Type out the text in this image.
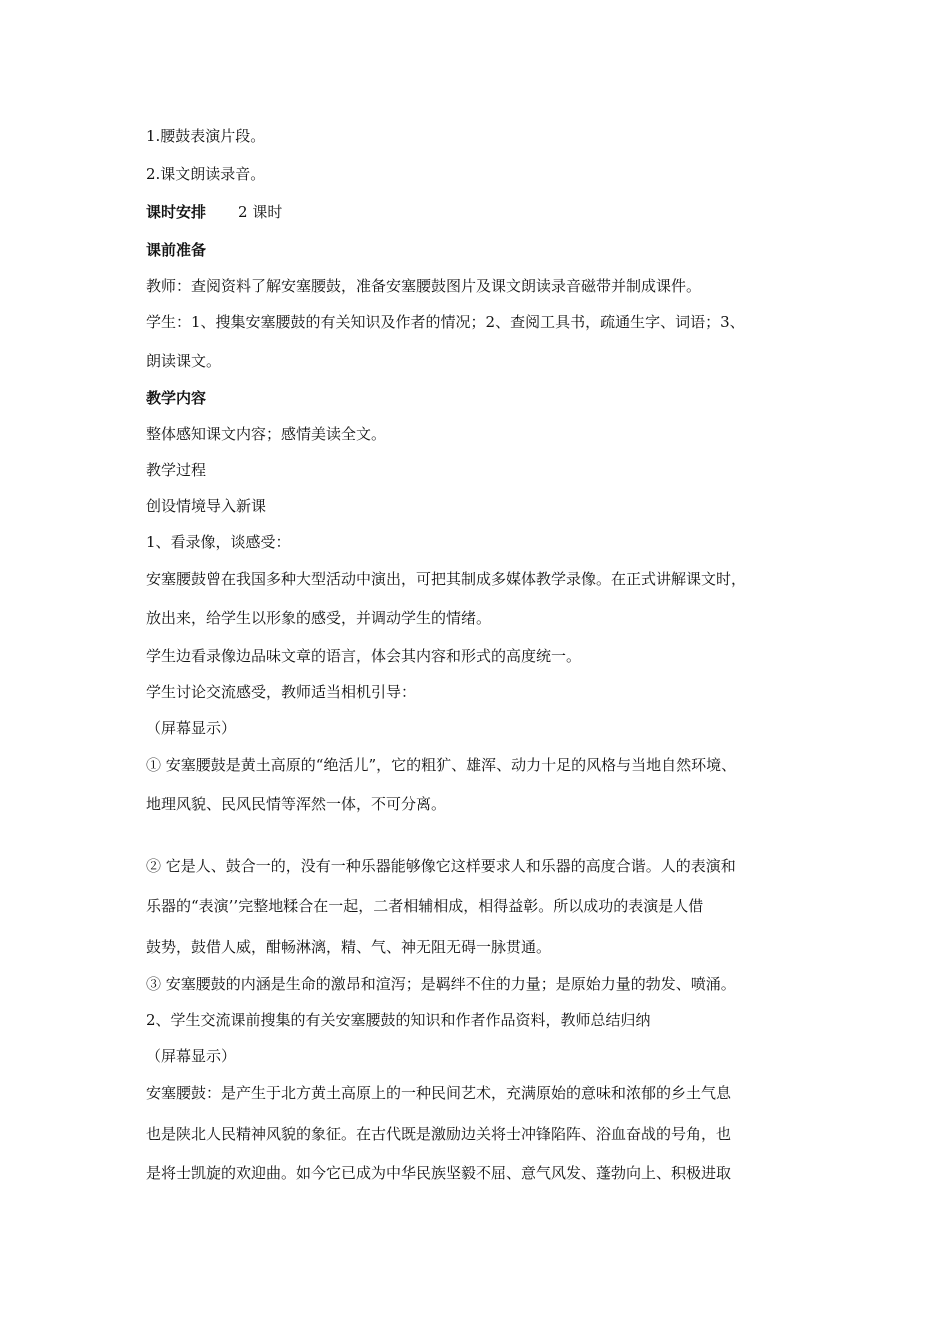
1.腰鼓表演片段。
2.课文朗读录音。
课时安排 2 课时
课前准备
教师：查阅资料了解安塞腰鼓，准备安塞腰鼓图片及课文朗读录音磁带并制成课件。
学生：1、搜集安塞腰鼓的有关知识及作者的情况；2、查阅工具书，疏通生字、词语；3、
朗读课文。
教学内容
整体感知课文内容；感情美读全文。
教学过程
创设情境导入新课
1、看录像，谈感受：
安塞腰鼓曾在我国多种大型活动中演出，可把其制成多媒体教学录像。在正式讲解课文时，
放出来，给学生以形象的感受，并调动学生的情绪。
学生边看录像边品味文章的语言，体会其内容和形式的高度统一。
学生讨论交流感受，教师适当相机引导：
（屏幕显示）
① 安塞腰鼓是黄土高原的“绝活儿”，它的粗犷、雄浑、动力十足的风格与当地自然环境、
地理风貌、民风民情等浑然一体，不可分离。
② 它是人、鼓合一的，没有一种乐器能够像它这样要求人和乐器的高度合谐。人的表演和
乐器的“表演’’完整地糅合在一起，二者相辅相成，相得益彰。所以成功的表演是人借
鼓势，鼓借人威，酣畅淋漓，精、气、神无阻无碍一脉贯通。
③ 安塞腰鼓的内涵是生命的激昂和渲泻；是羁绊不住的力量；是原始力量的勃发、喷涌。
2、学生交流课前搜集的有关安塞腰鼓的知识和作者作品资料，教师总结归纳
（屏幕显示）
安塞腰鼓：是产生于北方黄土高原上的一种民间艺术，充满原始的意味和浓郁的乡土气息
也是陕北人民精神风貌的象征。在古代既是激励边关将士冲锋陷阵、浴血奋战的号角，也
是将士凯旋的欢迎曲。如今它已成为中华民族坚毅不屈、意气风发、蓬勃向上、积极进取
